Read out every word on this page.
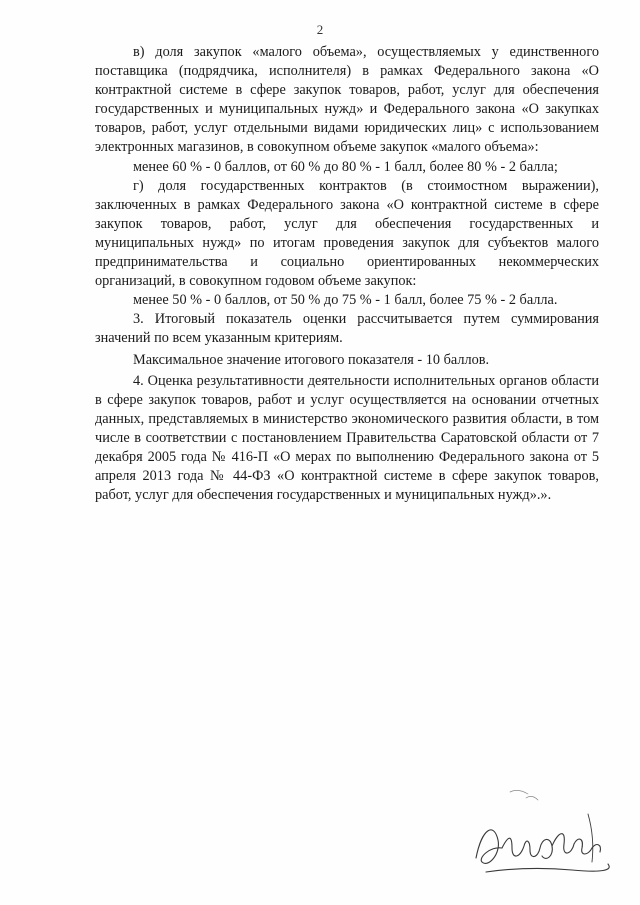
2

в) доля закупок «малого объема», осуществляемых у единственного поставщика (подрядчика, исполнителя) в рамках Федерального закона «О контрактной системе в сфере закупок товаров, работ, услуг для обеспечения государственных и муниципальных нужд» и Федерального закона «О закупках товаров, работ, услуг отдельными видами юридических лиц» с использованием электронных магазинов, в совокупном объеме закупок «малого объема»:

менее 60 % - 0 баллов, от 60 % до 80 % - 1 балл, более 80 % - 2 балла;

г) доля государственных контрактов (в стоимостном выражении), заключенных в рамках Федерального закона «О контрактной системе в сфере закупок товаров, работ, услуг для обеспечения государственных и муниципальных нужд» по итогам проведения закупок для субъектов малого предпринимательства и социально ориентированных некоммерческих организаций, в совокупном годовом объеме закупок:

менее 50 % - 0 баллов, от 50 % до 75 % - 1 балл, более 75 % - 2 балла.

3. Итоговый показатель оценки рассчитывается путем суммирования значений по всем указанным критериям.

Максимальное значение итогового показателя - 10 баллов.

4. Оценка результативности деятельности исполнительных органов области в сфере закупок товаров, работ и услуг осуществляется на основании отчетных данных, представляемых в министерство экономического развития области, в том числе в соответствии с постановлением Правительства Саратовской области от 7 декабря 2005 года № 416-П «О мерах по выполнению Федерального закона от 5 апреля 2013 года № 44-ФЗ «О контрактной системе в сфере закупок товаров, работ, услуг для обеспечения государственных и муниципальных нужд».».
